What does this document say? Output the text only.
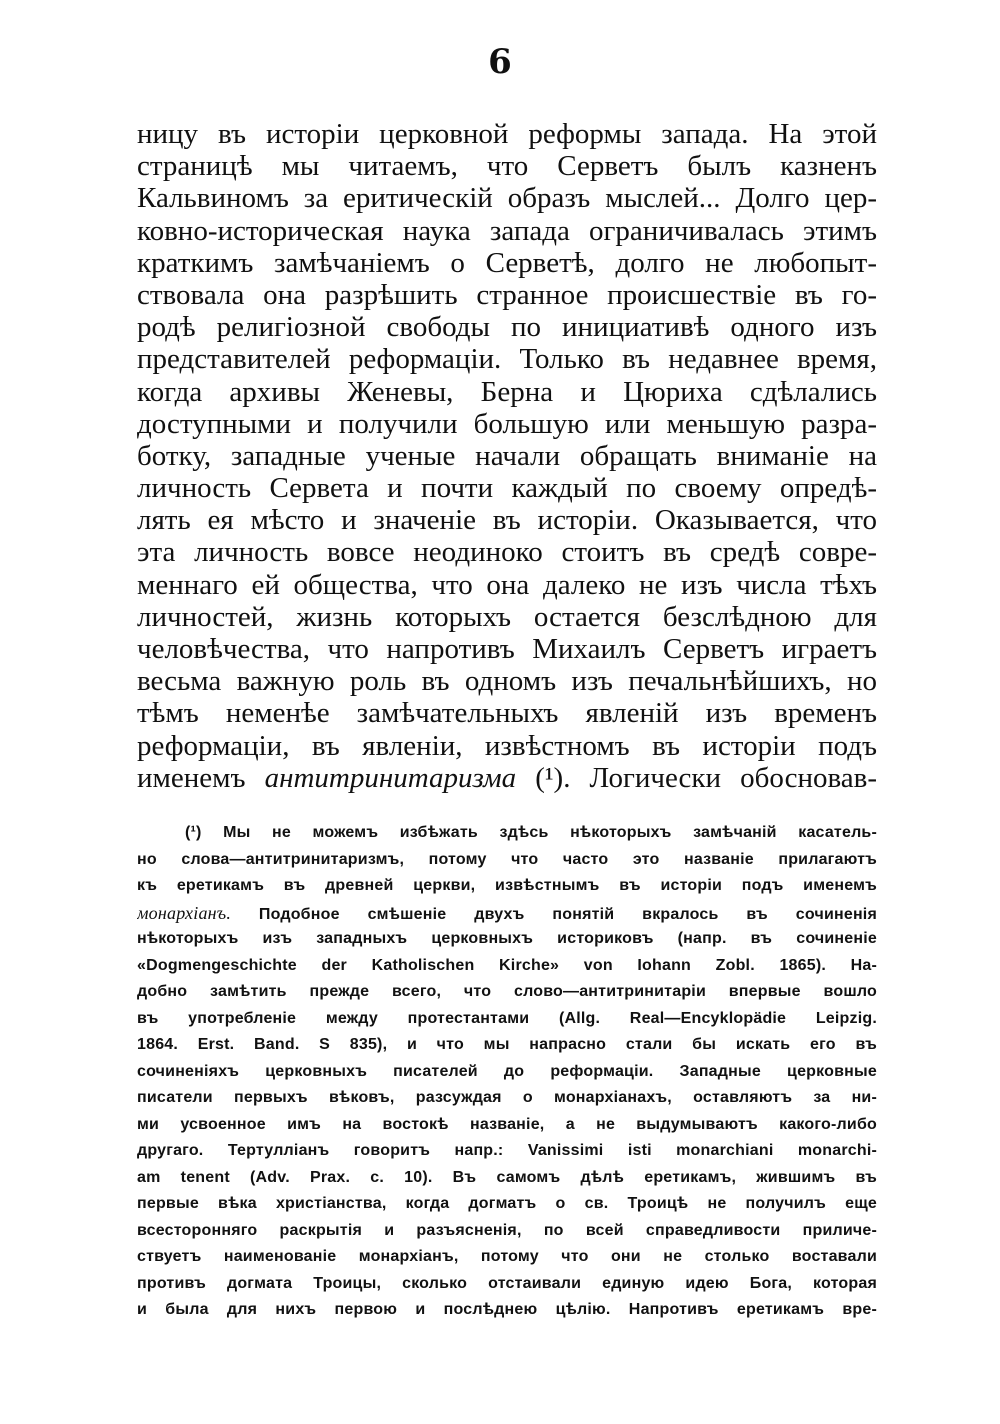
6
ницу въ исторіи церковной реформы запада. На этой
страницѣ мы читаемъ, что Серветъ былъ казненъ
Кальвиномъ за еритическій образъ мыслей... Долго цер-
ковно-историческая наука запада ограничивалась этимъ
краткимъ замѣчаніемъ о Серветѣ, долго не любопыт-
ствовала она разрѣшить странное происшествіе въ го-
родѣ религіозной свободы по инициативѣ одного изъ
представителей реформаціи. Только въ недавнее время,
когда архивы Женевы, Берна и Цюриха сдѣлались
доступными и получили большую или меньшую разра-
ботку, западные ученые начали обращать вниманіе на
личность Сервета и почти каждый по своему опредѣ-
лять ея мѣсто и значеніе въ исторіи. Оказывается, что
эта личность вовсе неодиноко стоитъ въ средѣ совре-
меннаго ей общества, что она далеко не изъ числа тѣхъ
личностей, жизнь которыхъ остается безслѣдною для
человѣчества, что напротивъ Михаилъ Серветъ играетъ
весьма важную роль въ одномъ изъ печальнѣйшихъ, но
тѣмъ неменѣе замѣчательныхъ явленій изъ временъ
реформаціи, въ явленіи, извѣстномъ въ исторіи подъ
именемъ антитринитаризма (¹). Логически обосновав-
(¹) Мы не можемъ избѣжать здѣсь нѣкоторыхъ замѣчаній касатель-
но слова—антитринитаризмъ, потому что часто это названіе прилагаютъ
къ еретикамъ въ древней церкви, извѣстнымъ въ исторіи подъ именемъ
монархіанъ. Подобное смѣшеніе двухъ понятій вкралось въ сочиненія
нѣкоторыхъ изъ западныхъ церковныхъ историковъ (напр. въ сочиненіе
«Dogmengeschichte der Katholischen Kirche» von Iohann Zobl. 1865). На-
добно замѣтить прежде всего, что слово—антитринитаріи впервые вошло
въ употребленіе между протестантами (Allg. Real—Encyklopädie Leipzig.
1864. Erst. Band. S 835), и что мы напрасно стали бы искать его въ
сочиненіяхъ церковныхъ писателей до реформаціи. Западные церковные
писатели первыхъ вѣковъ, разсуждая о монархіанахъ, оставляютъ за ни-
ми усвоенное имъ на востокѣ названіе, а не выдумываютъ какого-либо
другаго. Тертулліанъ говоритъ напр.: Vanissimi isti monarchiani monarchi-
am tenent (Adv. Prax. c. 10). Въ самомъ дѣлѣ еретикамъ, жившимъ въ
первые вѣка христіанства, когда догматъ о св. Троицѣ не получилъ еще
всесторонняго раскрытія и разъясненія, по всей справедливости приличе-
ствуетъ наименованіе монархіанъ, потому что они не столько воставали
противъ догмата Троицы, сколько отстаивали единую идею Бога, которая
и была для нихъ первою и послѣднею цѣлію. Напротивъ еретикамъ вре-
